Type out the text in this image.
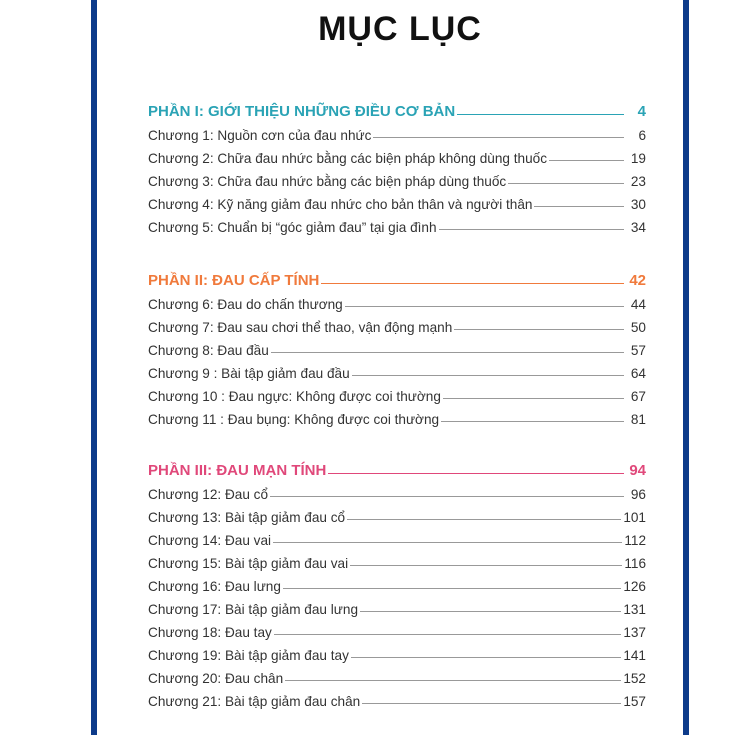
MỤC LỤC
PHẦN I: GIỚI THIỆU NHỮNG ĐIỀU CƠ BẢN	4
Chương 1: Nguồn cơn của đau nhức	6
Chương 2: Chữa đau nhức bằng các biện pháp không dùng thuốc	19
Chương 3: Chữa đau nhức bằng các biện pháp dùng thuốc	23
Chương 4: Kỹ năng giảm đau nhức cho bản thân và người thân	30
Chương 5: Chuẩn bị “góc giảm đau” tại gia đình	34
PHẦN II: ĐAU CẤP TÍNH	42
Chương 6: Đau do chấn thương	44
Chương 7: Đau sau chơi thể thao, vận động mạnh	50
Chương 8: Đau đầu	57
Chương 9 : Bài tập giảm đau đầu	64
Chương 10 : Đau ngực: Không được coi thường	67
Chương 11 : Đau bụng: Không được coi thường	81
PHẦN III: ĐAU MẠN TÍNH	94
Chương 12: Đau cổ	96
Chương 13: Bài tập giảm đau cổ	101
Chương 14: Đau vai	112
Chương 15: Bài tập giảm đau vai	116
Chương 16: Đau lưng	126
Chương 17: Bài tập giảm đau lưng	131
Chương 18: Đau tay	137
Chương 19: Bài tập giảm đau tay	141
Chương 20: Đau chân	152
Chương 21: Bài tập giảm đau chân	157
